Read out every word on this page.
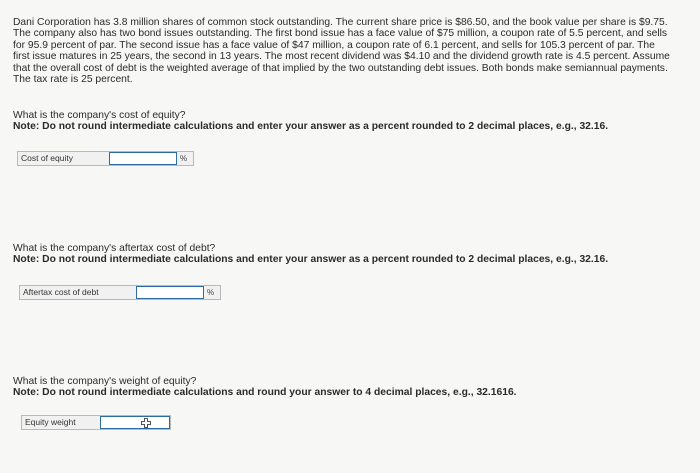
Dani Corporation has 3.8 million shares of common stock outstanding. The current share price is $86.50, and the book value per share is $9.75. The company also has two bond issues outstanding. The first bond issue has a face value of $75 million, a coupon rate of 5.5 percent, and sells for 95.9 percent of par. The second issue has a face value of $47 million, a coupon rate of 6.1 percent, and sells for 105.3 percent of par. The first issue matures in 25 years, the second in 13 years. The most recent dividend was $4.10 and the dividend growth rate is 4.5 percent. Assume that the overall cost of debt is the weighted average of that implied by the two outstanding debt issues. Both bonds make semiannual payments. The tax rate is 25 percent.

What is the company's cost of equity?
Note: Do not round intermediate calculations and enter your answer as a percent rounded to 2 decimal places, e.g., 32.16.
Cost of equity	%
What is the company's aftertax cost of debt?
Note: Do not round intermediate calculations and enter your answer as a percent rounded to 2 decimal places, e.g., 32.16.
Aftertax cost of debt	%
What is the company's weight of equity?
Note: Do not round intermediate calculations and round your answer to 4 decimal places, e.g., 32.1616.
Equity weight
